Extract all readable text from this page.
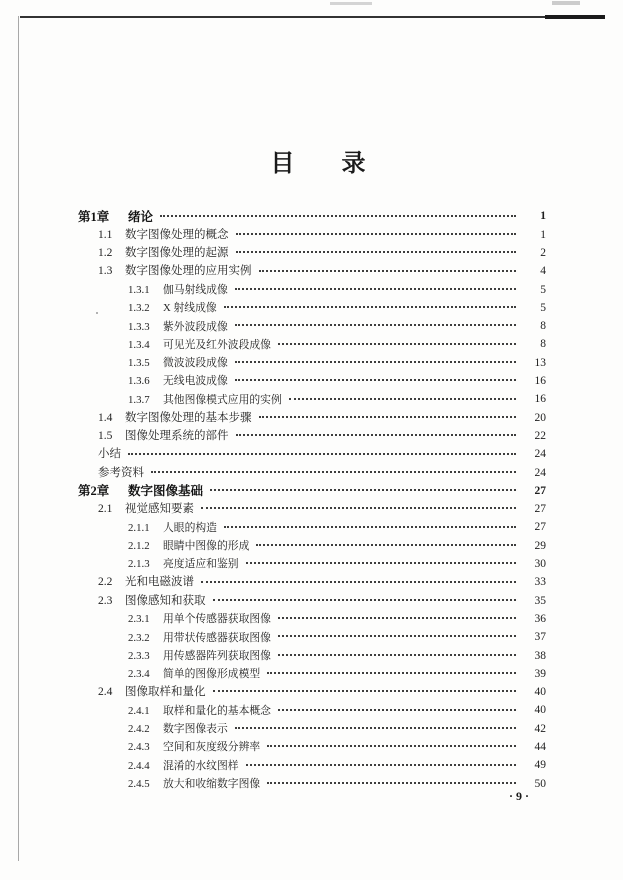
目 录
第1章	绪论	1
1.1	数字图像处理的概念	1
1.2	数字图像处理的起源	2
1.3	数字图像处理的应用实例	4
1.3.1	伽马射线成像	5
1.3.2	X 射线成像	5
1.3.3	紫外波段成像	8
1.3.4	可见光及红外波段成像	8
1.3.5	微波波段成像	13
1.3.6	无线电波成像	16
1.3.7	其他图像模式应用的实例	16
1.4	数字图像处理的基本步骤	20
1.5	图像处理系统的部件	22
小结	24
参考资料	24
第2章	数字图像基础	27
2.1	视觉感知要素	27
2.1.1	人眼的构造	27
2.1.2	眼睛中图像的形成	29
2.1.3	亮度适应和鉴别	30
2.2	光和电磁波谱	33
2.3	图像感知和获取	35
2.3.1	用单个传感器获取图像	36
2.3.2	用带状传感器获取图像	37
2.3.3	用传感器阵列获取图像	38
2.3.4	简单的图像形成模型	39
2.4	图像取样和量化	40
2.4.1	取样和量化的基本概念	40
2.4.2	数字图像表示	42
2.4.3	空间和灰度级分辨率	44
2.4.4	混淆的水纹图样	49
2.4.5	放大和收缩数字图像	50
· 9 ·
